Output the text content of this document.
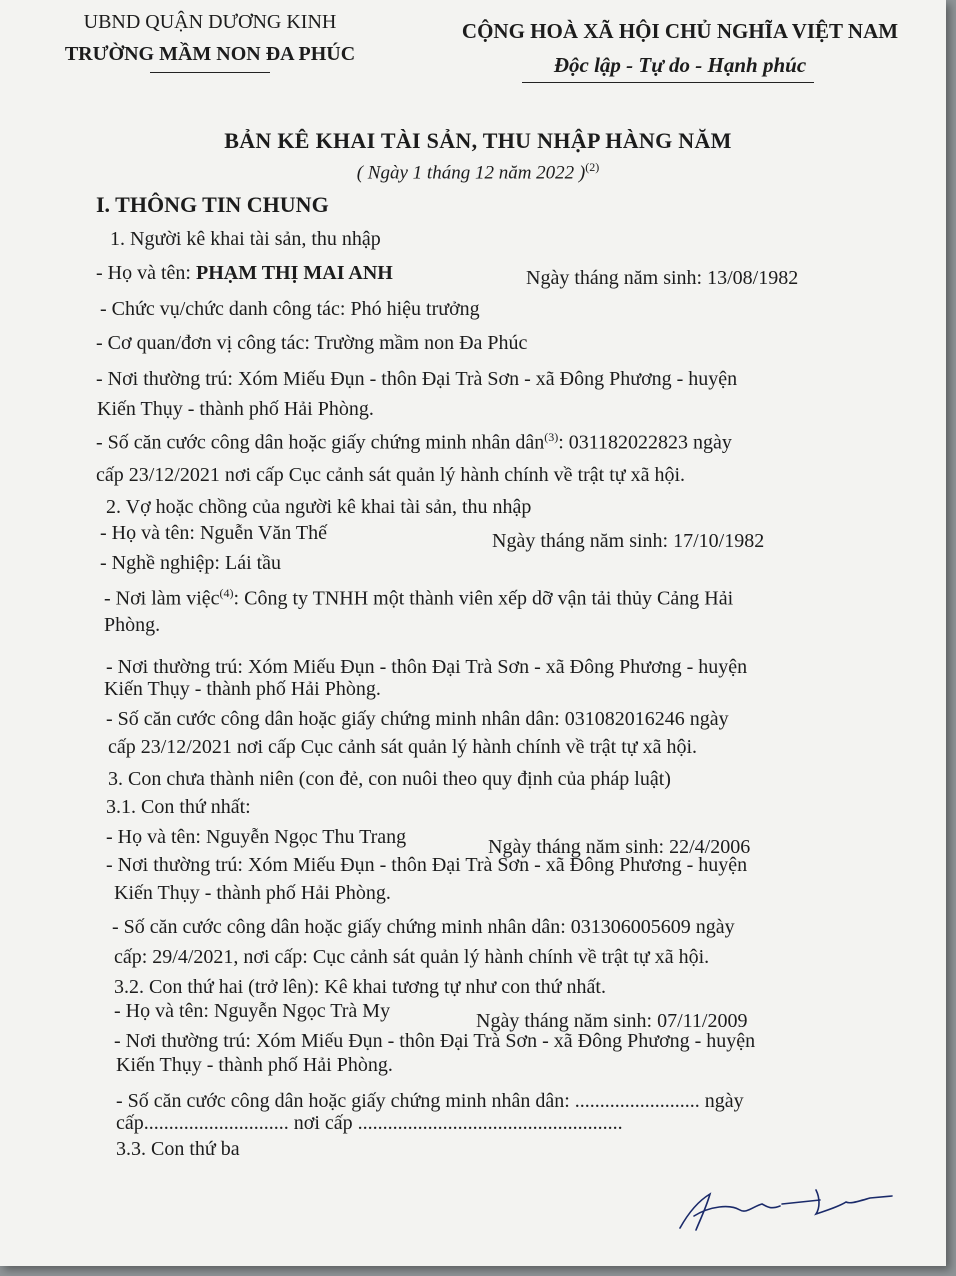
UBND QUẬN DƯƠNG KINH
TRƯỜNG MẦM NON ĐA PHÚC
CỘNG HOÀ XÃ HỘI CHỦ NGHĨA VIỆT NAM
Độc lập - Tự do - Hạnh phúc
BẢN KÊ KHAI TÀI SẢN, THU NHẬP HÀNG NĂM
( Ngày 1 tháng 12 năm 2022 )$^{(2)}$
I. THÔNG TIN CHUNG
1. Người kê khai tài sản, thu nhập
- Họ và tên: PHẠM THỊ MAI ANH	Ngày tháng năm sinh: 13/08/1982
- Chức vụ/chức danh công tác: Phó hiệu trưởng
- Cơ quan/đơn vị công tác: Trường mầm non Đa Phúc
- Nơi thường trú: Xóm Miếu Đụn - thôn Đại Trà Sơn - xã Đông Phương - huyện
Kiến Thụy - thành phố Hải Phòng.
- Số căn cước công dân hoặc giấy chứng minh nhân dân$^{(3)}$: 031182022823 ngày
cấp 23/12/2021 nơi cấp Cục cảnh sát quản lý hành chính về trật tự xã hội.
2. Vợ hoặc chồng của người kê khai tài sản, thu nhập
- Họ và tên: Nguễn Văn Thế	Ngày tháng năm sinh: 17/10/1982
- Nghề nghiệp: Lái tầu
- Nơi làm việc$^{(4)}$: Công ty TNHH một thành viên xếp dỡ vận tải thủy Cảng Hải
Phòng.
- Nơi thường trú: Xóm Miếu Đụn - thôn Đại Trà Sơn - xã Đông Phương - huyện
Kiến Thụy - thành phố Hải Phòng.
- Số căn cước công dân hoặc giấy chứng minh nhân dân: 031082016246 ngày
cấp 23/12/2021 nơi cấp Cục cảnh sát quản lý hành chính về trật tự xã hội.
3. Con chưa thành niên (con đẻ, con nuôi theo quy định của pháp luật)
3.1. Con thứ nhất:
- Họ và tên: Nguyễn Ngọc Thu Trang	Ngày tháng năm sinh: 22/4/2006
- Nơi thường trú: Xóm Miếu Đụn - thôn Đại Trà Sơn - xã Đông Phương - huyện
Kiến Thụy - thành phố Hải Phòng.
- Số căn cước công dân hoặc giấy chứng minh nhân dân: 031306005609 ngày
cấp: 29/4/2021, nơi cấp: Cục cảnh sát quản lý hành chính về trật tự xã hội.
3.2. Con thứ hai (trở lên): Kê khai tương tự như con thứ nhất.
- Họ và tên: Nguyễn Ngọc Trà My	Ngày tháng năm sinh: 07/11/2009
- Nơi thường trú: Xóm Miếu Đụn - thôn Đại Trà Sơn - xã Đông Phương - huyện
Kiến Thụy - thành phố Hải Phòng.
- Số căn cước công dân hoặc giấy chứng minh nhân dân: ......................... ngày
cấp............................. nơi cấp .....................................................
3.3. Con thứ ba
